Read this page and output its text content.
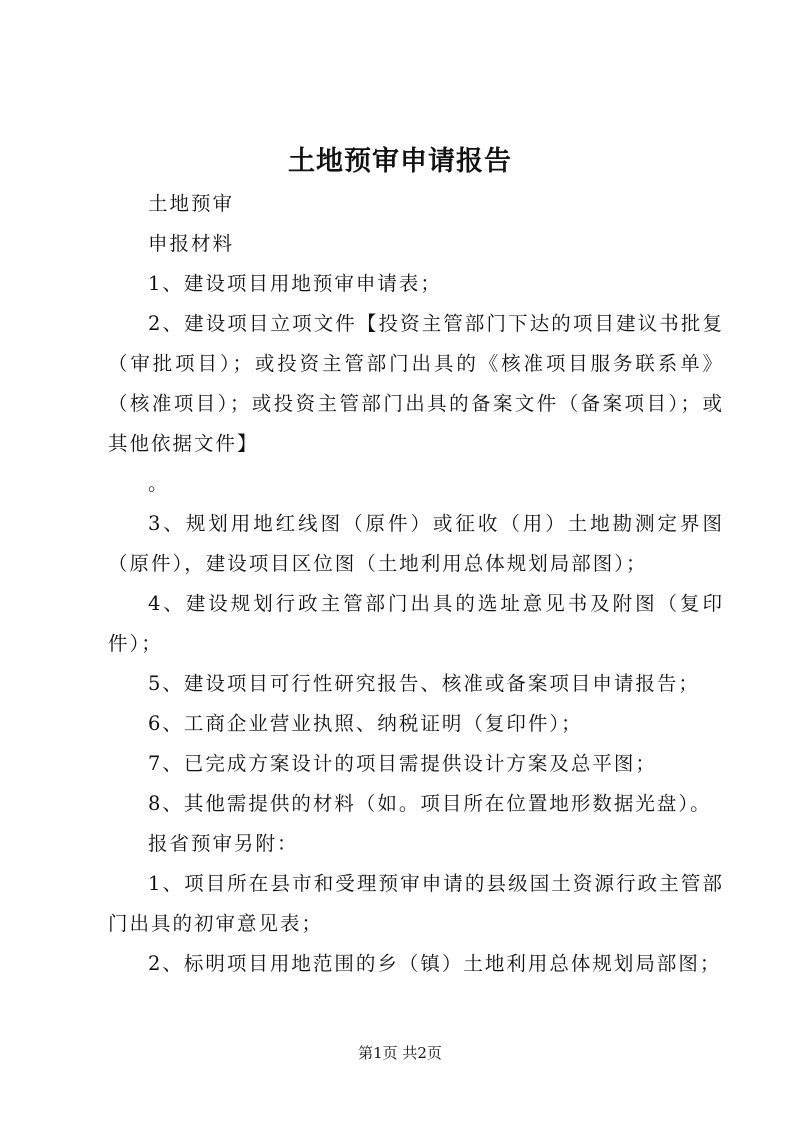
土地预审申请报告

土地预审

申报材料

1、建设项目用地预审申请表；

2、建设项目立项文件【投资主管部门下达的项目建议书批复（审批项目）；或投资主管部门出具的《核准项目服务联系单》（核准项目）；或投资主管部门出具的备案文件（备案项目）；或其他依据文件】

。

3、规划用地红线图（原件）或征收（用）土地勘测定界图（原件），建设项目区位图（土地利用总体规划局部图）；

4、建设规划行政主管部门出具的选址意见书及附图（复印件）；

5、建设项目可行性研究报告、核准或备案项目申请报告；

6、工商企业营业执照、纳税证明（复印件）；

7、已完成方案设计的项目需提供设计方案及总平图；

8、其他需提供的材料（如。项目所在位置地形数据光盘）。

报省预审另附：

1、项目所在县市和受理预审申请的县级国土资源行政主管部门出具的初审意见表；

2、标明项目用地范围的乡（镇）土地利用总体规划局部图；

第1页 共2页
